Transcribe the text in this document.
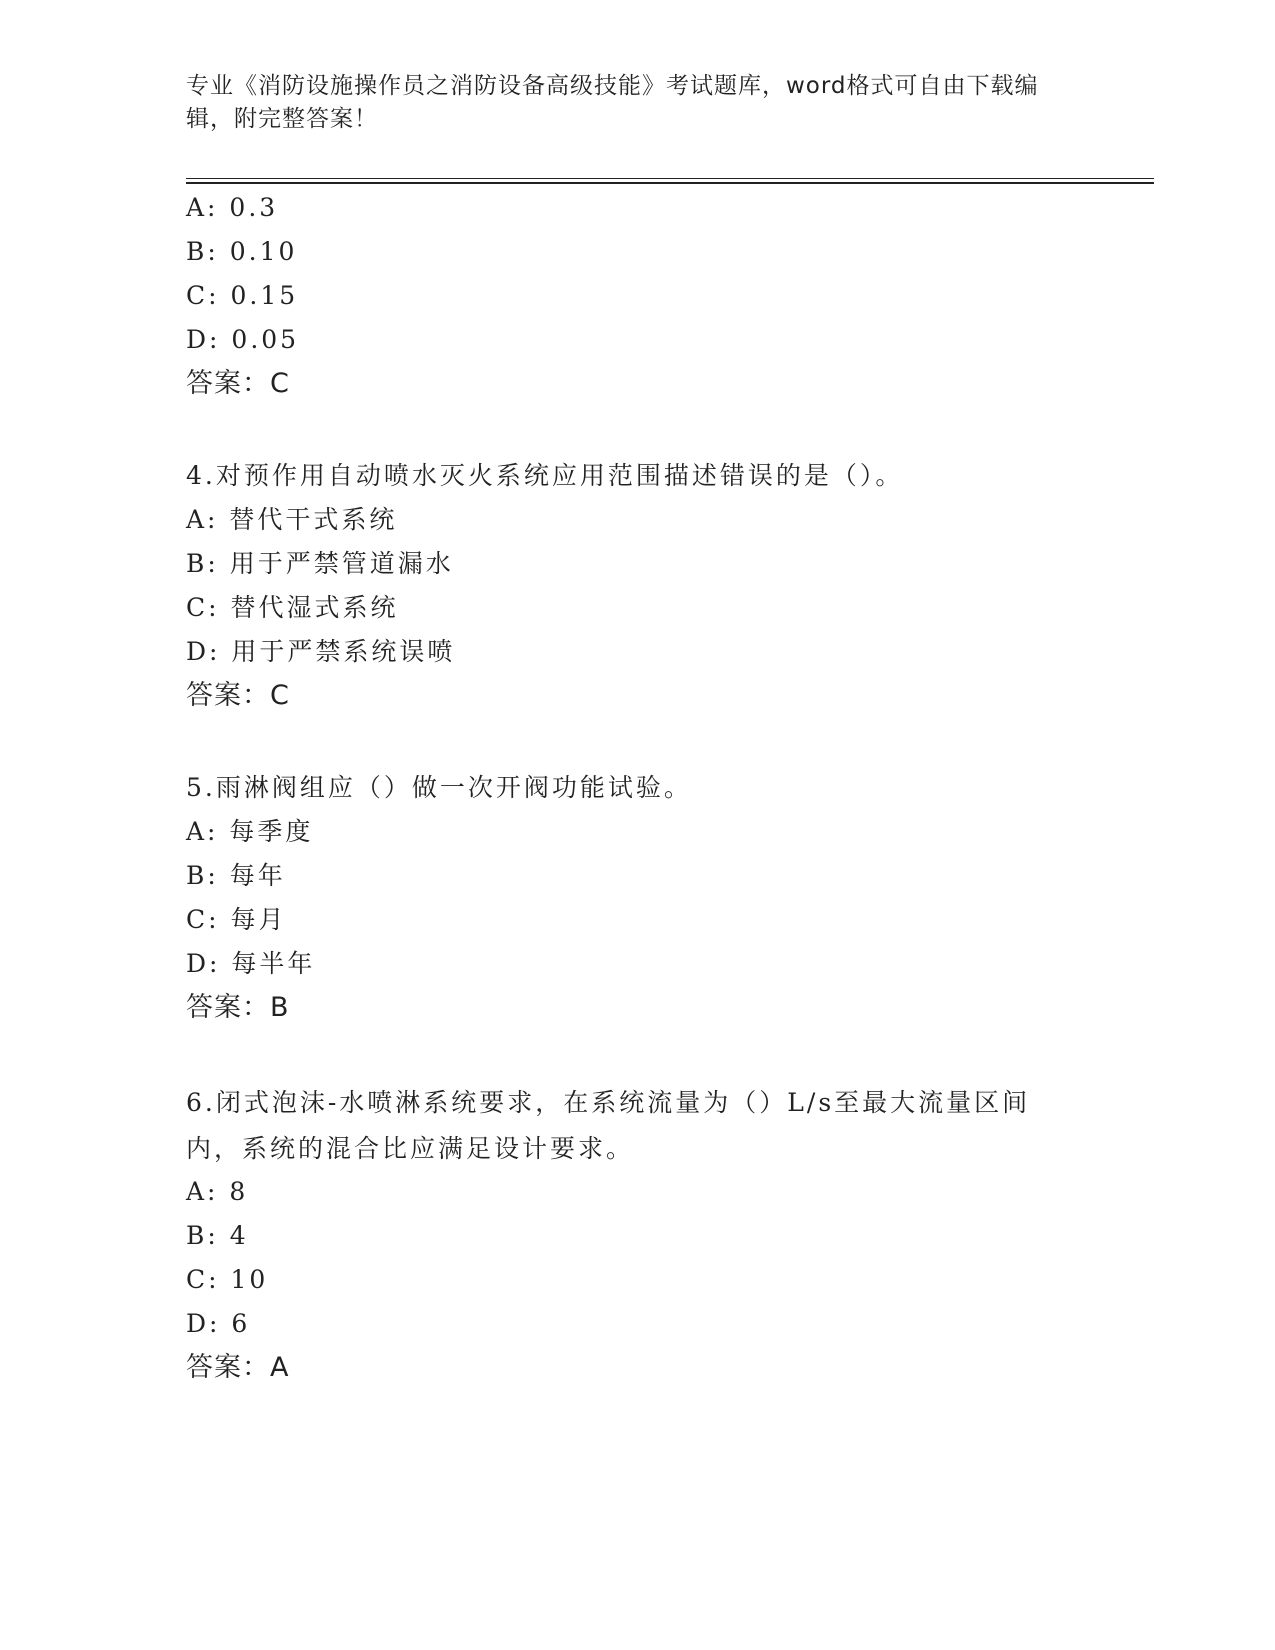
专业《消防设施操作员之消防设备高级技能》考试题库，word格式可自由下载编辑，附完整答案！
A: 0.3
B: 0.10
C: 0.15
D: 0.05
答案：C
4.对预作用自动喷水灭火系统应用范围描述错误的是（）。
A: 替代干式系统
B: 用于严禁管道漏水
C: 替代湿式系统
D: 用于严禁系统误喷
答案：C
5.雨淋阀组应（）做一次开阀功能试验。
A: 每季度
B: 每年
C: 每月
D: 每半年
答案：B
6.闭式泡沫-水喷淋系统要求，在系统流量为（）L/s至最大流量区间内，系统的混合比应满足设计要求。
A: 8
B: 4
C: 10
D: 6
答案：A
